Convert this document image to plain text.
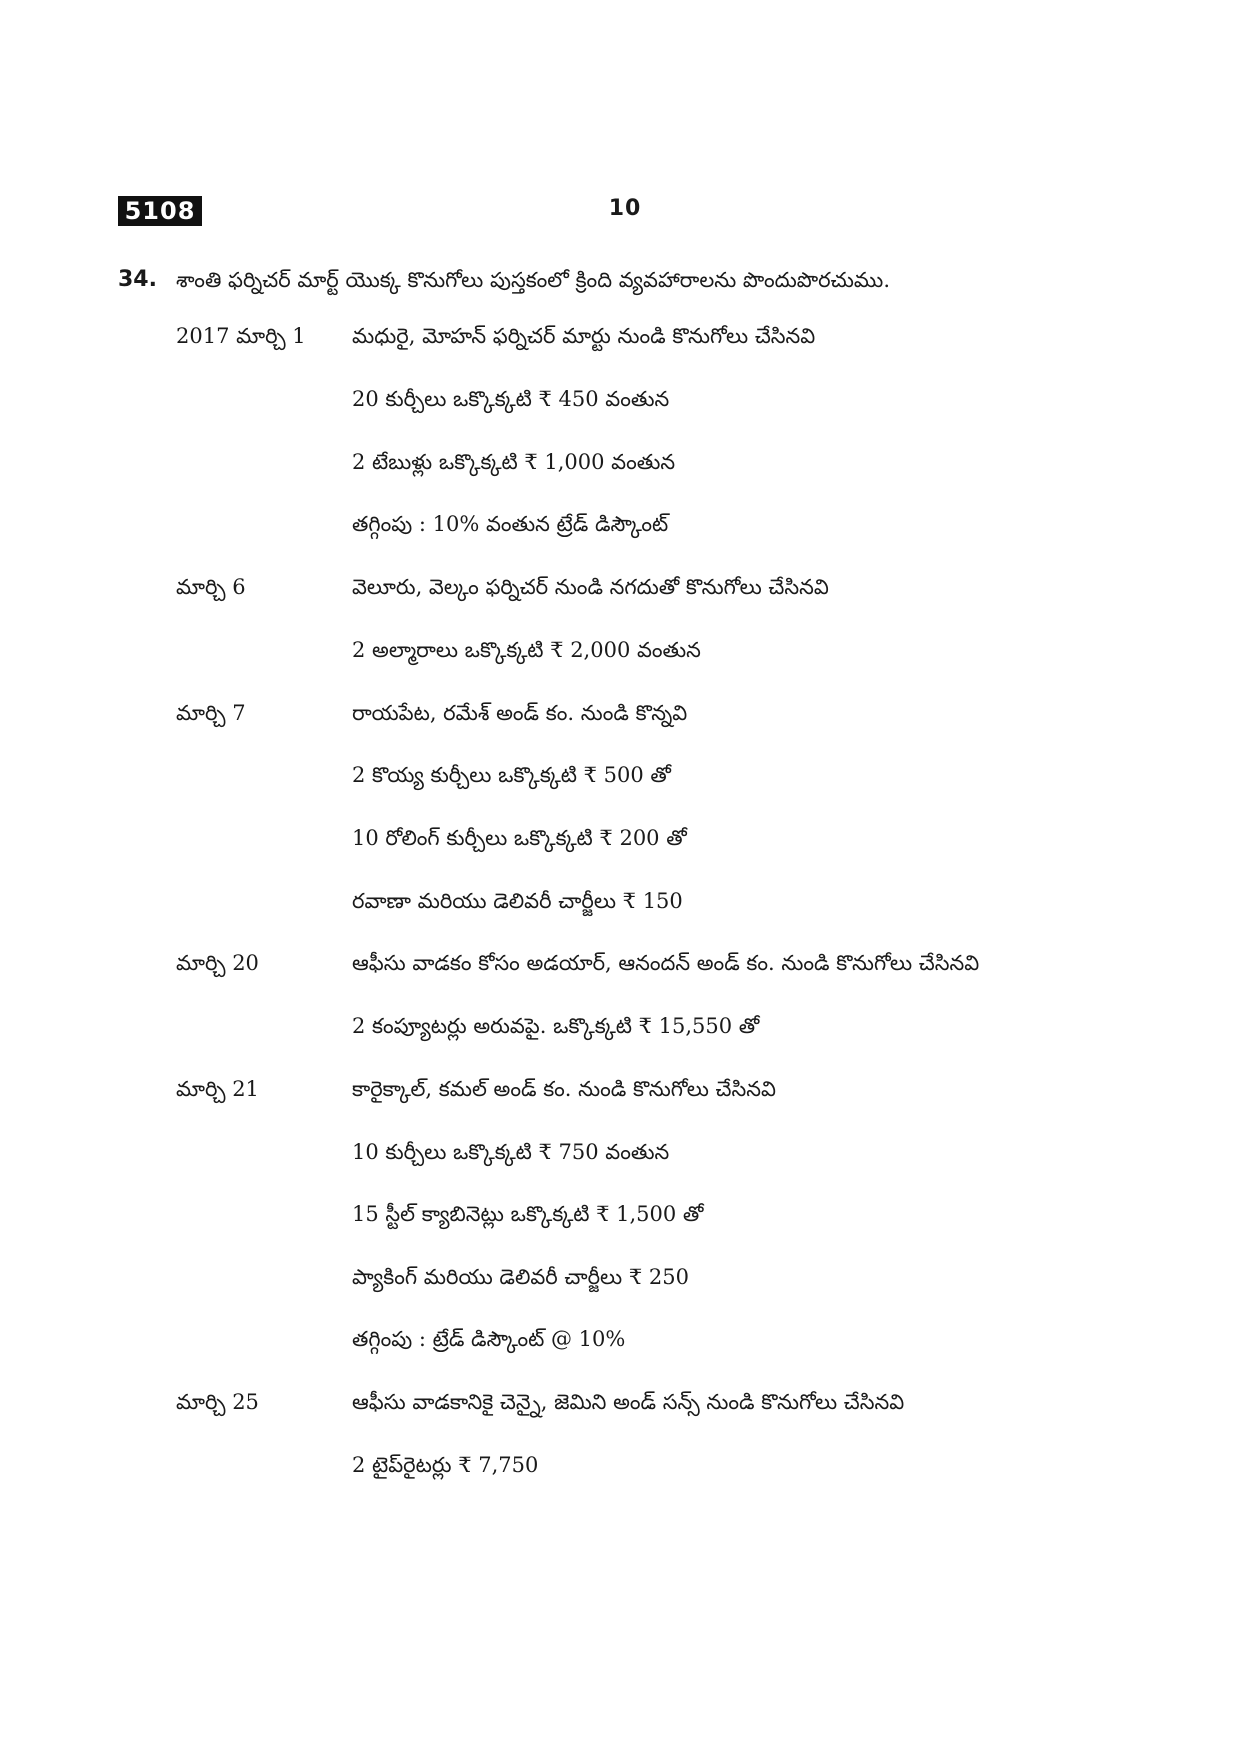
5108	10
34. శాంతి ఫర్నిచర్ మార్ట్ యొక్క కొనుగోలు పుస్తకంలో క్రింది వ్యవహారాలను పొందుపొరచుము.
2017 మార్చి 1 మధురై, మోహన్ ఫర్నిచర్ మార్టు నుండి కొనుగోలు చేసినవి
20 కుర్చీలు ఒక్కొక్కటి ₹ 450 వంతున
2 టేబుళ్లు ఒక్కొక్కటి ₹ 1,000 వంతున
తగ్గింపు : 10% వంతున ట్రేడ్ డిస్కౌంట్
మార్చి 6	వెలూరు, వెల్కం ఫర్నిచర్ నుండి నగదుతో కొనుగోలు చేసినవి
2 అల్మారాలు ఒక్కొక్కటి ₹ 2,000 వంతున
మార్చి 7	రాయపేట, రమేశ్ అండ్ కం. నుండి కొన్నవి
2 కొయ్య కుర్చీలు ఒక్కొక్కటి ₹ 500 తో
10 రోలింగ్ కుర్చీలు ఒక్కొక్కటి ₹ 200 తో
రవాణా మరియు డెలివరీ చార్జీలు ₹ 150
మార్చి 20	ఆఫీసు వాడకం కోసం అడయార్, ఆనందన్ అండ్ కం. నుండి కొనుగోలు చేసినవి
2 కంప్యూటర్లు అరువపై. ఒక్కొక్కటి ₹ 15,550 తో
మార్చి 21	కారైక్కాల్, కమల్ అండ్ కం. నుండి కొనుగోలు చేసినవి
10 కుర్చీలు ఒక్కొక్కటి ₹ 750 వంతున
15 స్టీల్ క్యాబినెట్లు ఒక్కొక్కటి ₹ 1,500 తో
ప్యాకింగ్ మరియు డెలివరీ చార్జీలు ₹ 250
తగ్గింపు : ట్రేడ్ డిస్కౌంట్ @ 10%
మార్చి 25	ఆఫీసు వాడకానికై చెన్నై, జెమిని అండ్ సన్స్ నుండి కొనుగోలు చేసినవి
2 టైప్‌రైటర్లు ₹ 7,750
